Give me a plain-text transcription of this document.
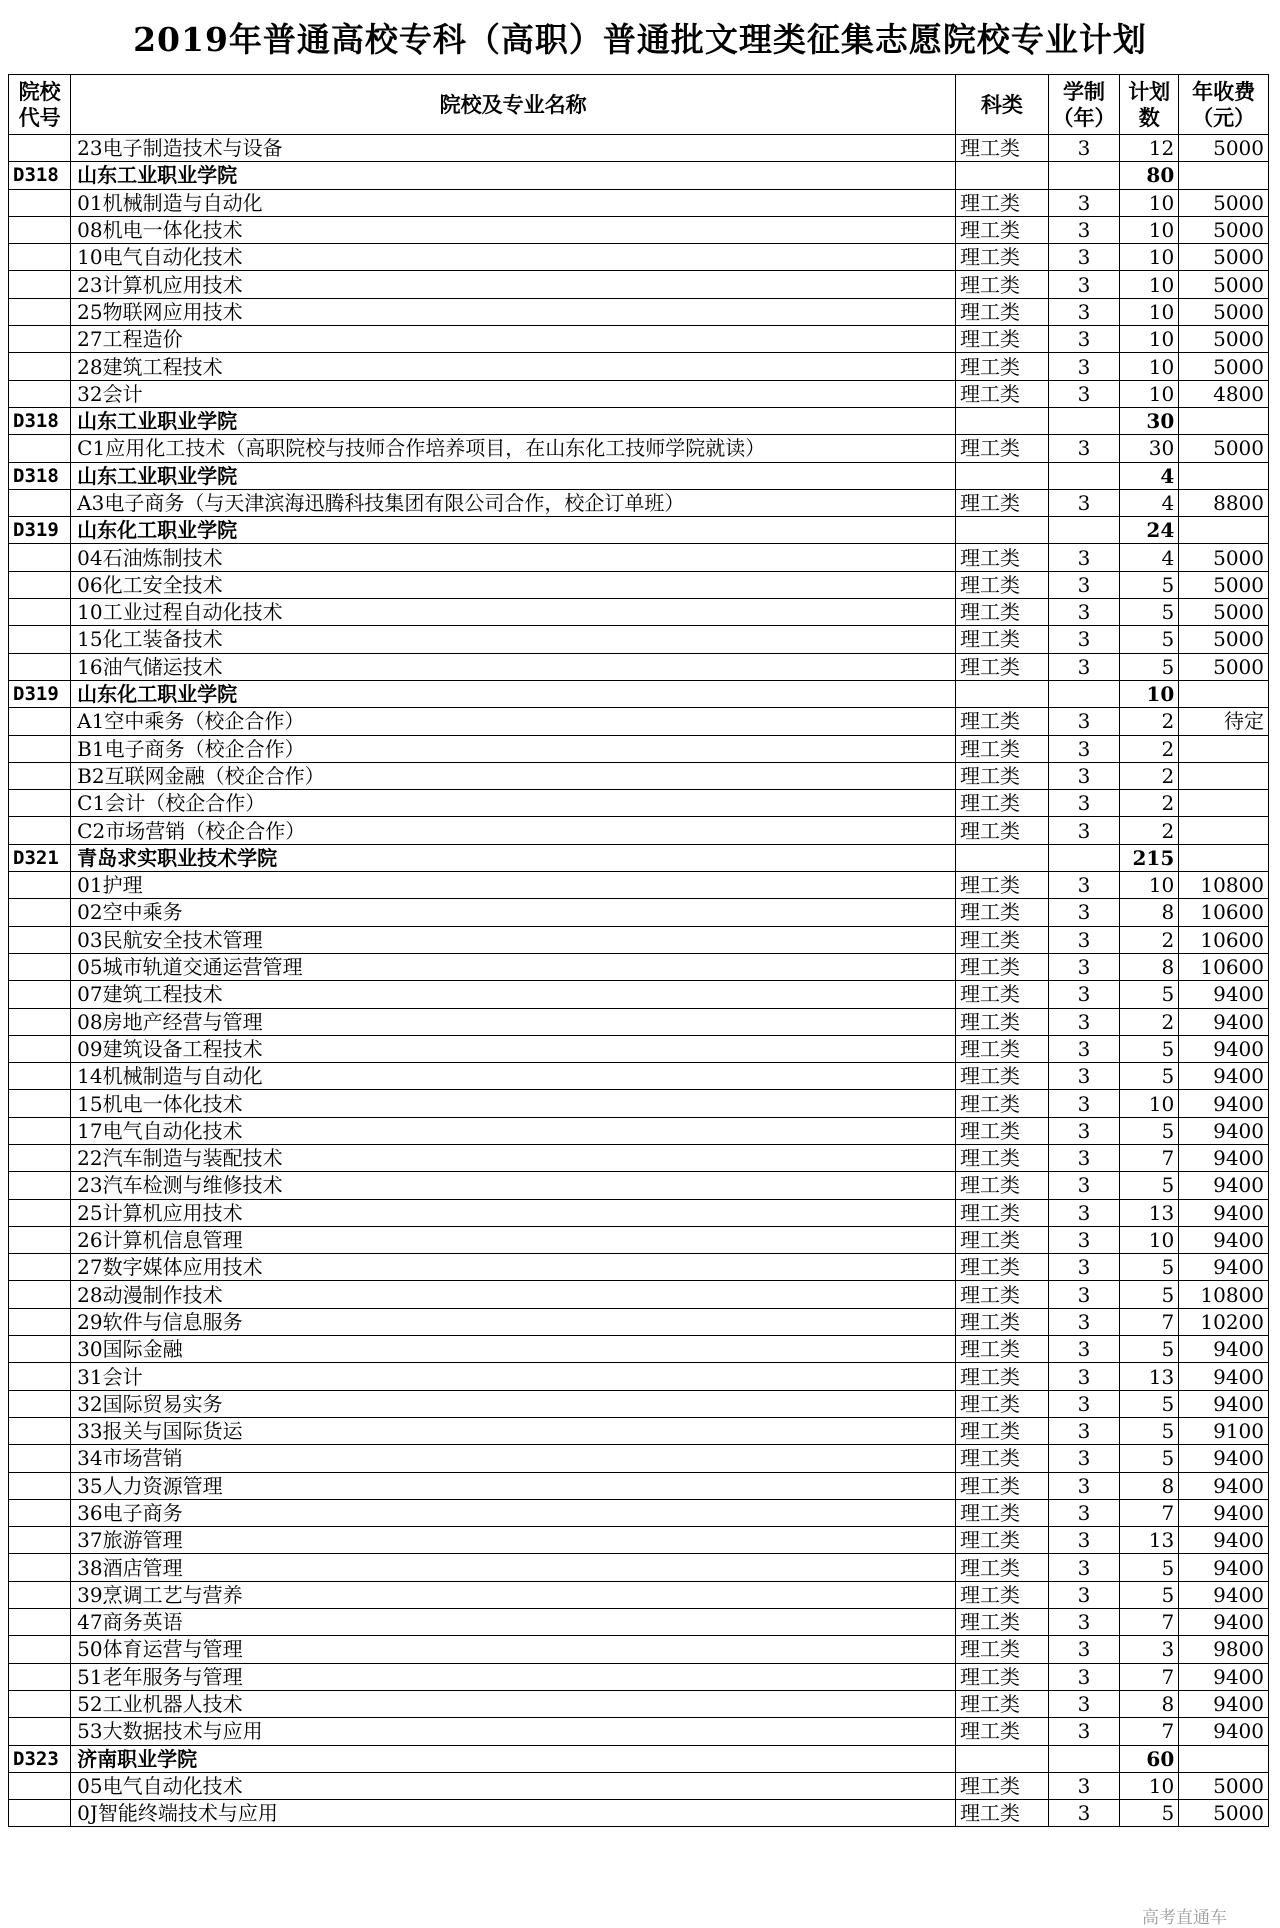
2019年普通高校专科（高职）普通批文理类征集志愿院校专业计划
院校代号	院校及专业名称	科类	学制（年）	计划数	年收费（元）
	23电子制造技术与设备	理工类	3	12	5000
D318	山东工业职业学院			80	
	01机械制造与自动化	理工类	3	10	5000
	08机电一体化技术	理工类	3	10	5000
	10电气自动化技术	理工类	3	10	5000
	23计算机应用技术	理工类	3	10	5000
	25物联网应用技术	理工类	3	10	5000
	27工程造价	理工类	3	10	5000
	28建筑工程技术	理工类	3	10	5000
	32会计	理工类	3	10	4800
D318	山东工业职业学院			30	
	C1应用化工技术（高职院校与技师合作培养项目，在山东化工技师学院就读）	理工类	3	30	5000
D318	山东工业职业学院			4	
	A3电子商务（与天津滨海迅腾科技集团有限公司合作，校企订单班）	理工类	3	4	8800
D319	山东化工职业学院			24	
	04石油炼制技术	理工类	3	4	5000
	06化工安全技术	理工类	3	5	5000
	10工业过程自动化技术	理工类	3	5	5000
	15化工装备技术	理工类	3	5	5000
	16油气储运技术	理工类	3	5	5000
D319	山东化工职业学院			10	
	A1空中乘务（校企合作）	理工类	3	2	待定
	B1电子商务（校企合作）	理工类	3	2	
	B2互联网金融（校企合作）	理工类	3	2	
	C1会计（校企合作）	理工类	3	2	
	C2市场营销（校企合作）	理工类	3	2	
D321	青岛求实职业技术学院			215	
	01护理	理工类	3	10	10800
	02空中乘务	理工类	3	8	10600
	03民航安全技术管理	理工类	3	2	10600
	05城市轨道交通运营管理	理工类	3	8	10600
	07建筑工程技术	理工类	3	5	9400
	08房地产经营与管理	理工类	3	2	9400
	09建筑设备工程技术	理工类	3	5	9400
	14机械制造与自动化	理工类	3	5	9400
	15机电一体化技术	理工类	3	10	9400
	17电气自动化技术	理工类	3	5	9400
	22汽车制造与装配技术	理工类	3	7	9400
	23汽车检测与维修技术	理工类	3	5	9400
	25计算机应用技术	理工类	3	13	9400
	26计算机信息管理	理工类	3	10	9400
	27数字媒体应用技术	理工类	3	5	9400
	28动漫制作技术	理工类	3	5	10800
	29软件与信息服务	理工类	3	7	10200
	30国际金融	理工类	3	5	9400
	31会计	理工类	3	13	9400
	32国际贸易实务	理工类	3	5	9400
	33报关与国际货运	理工类	3	5	9100
	34市场营销	理工类	3	5	9400
	35人力资源管理	理工类	3	8	9400
	36电子商务	理工类	3	7	9400
	37旅游管理	理工类	3	13	9400
	38酒店管理	理工类	3	5	9400
	39烹调工艺与营养	理工类	3	5	9400
	47商务英语	理工类	3	7	9400
	50体育运营与管理	理工类	3	3	9800
	51老年服务与管理	理工类	3	7	9400
	52工业机器人技术	理工类	3	8	9400
	53大数据技术与应用	理工类	3	7	9400
D323	济南职业学院			60	
	05电气自动化技术	理工类	3	10	5000
	0J智能终端技术与应用	理工类	3	5	5000
高考直通车
